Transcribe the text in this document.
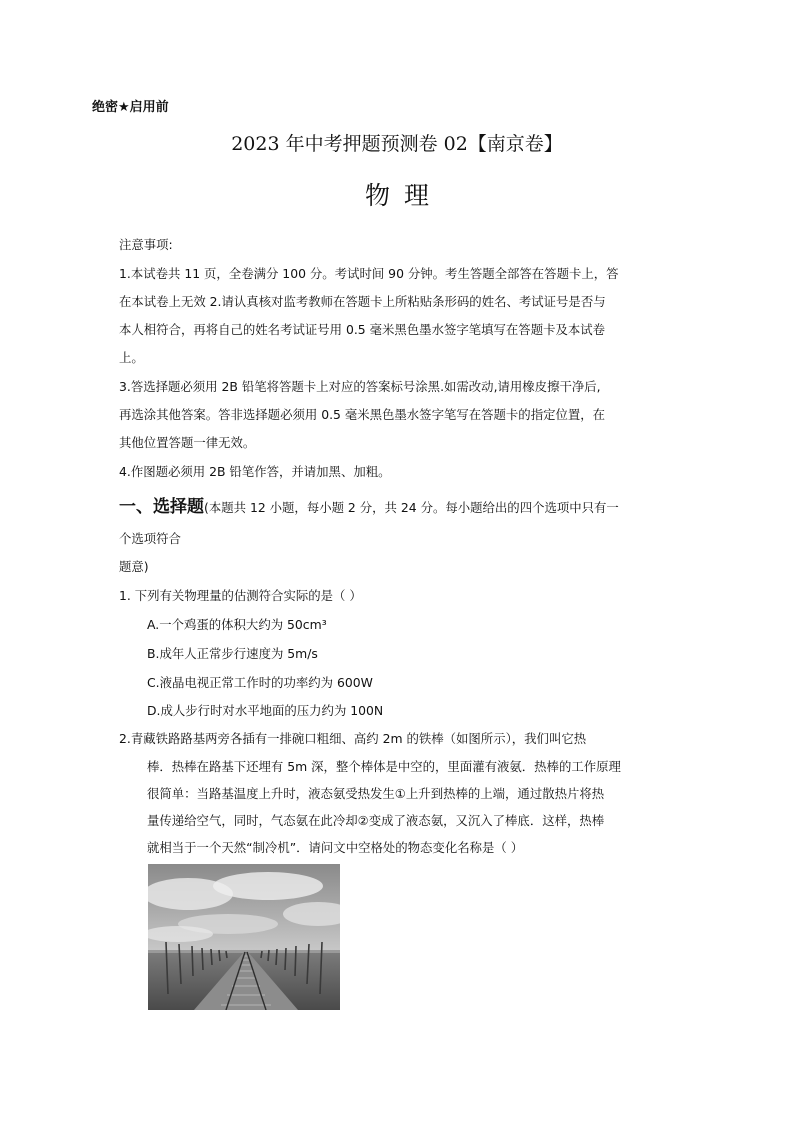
绝密★启用前
2023 年中考押题预测卷 02【南京卷】
物理
注意事项:
1.本试卷共 11 页，全卷满分 100 分。考试时间 90 分钟。考生答题全部答在答题卡上，答
在本试卷上无效 2.请认真核对监考教师在答题卡上所粘贴条形码的姓名、考试证号是否与
本人相符合，再将自己的姓名考试证号用 0.5 毫米黑色墨水签字笔填写在答题卡及本试卷
上。
3.答选择题必须用 2B 铅笔将答题卡上对应的答案标号涂黑.如需改动,请用橡皮擦干净后,
再选涂其他答案。答非选择题必须用 0.5 毫米黑色墨水签字笔写在答题卡的指定位置，在
其他位置答题一律无效。
4.作图题必须用 2B 铅笔作答，并请加黑、加粗。
一、选择题(本题共 12 小题，每小题 2 分，共 24 分。每小题给出的四个选项中只有一
个选项符合
题意)
1. 下列有关物理量的估测符合实际的是（ ）
A.一个鸡蛋的体积大约为 50cm³
B.成年人正常步行速度为 5m/s
C.液晶电视正常工作时的功率约为 600W
D.成人步行时对水平地面的压力约为 100N
2.青藏铁路路基两旁各插有一排碗口粗细、高约 2m 的铁棒（如图所示），我们叫它热
棒．热棒在路基下还埋有 5m 深，整个棒体是中空的，里面灌有液氨．热棒的工作原理
很简单：当路基温度上升时，液态氨受热发生①上升到热棒的上端，通过散热片将热
量传递给空气，同时，气态氨在此冷却②变成了液态氨，又沉入了棒底．这样，热棒
就相当于一个天然“制冷机”．请问文中空格处的物态变化名称是（ ）
